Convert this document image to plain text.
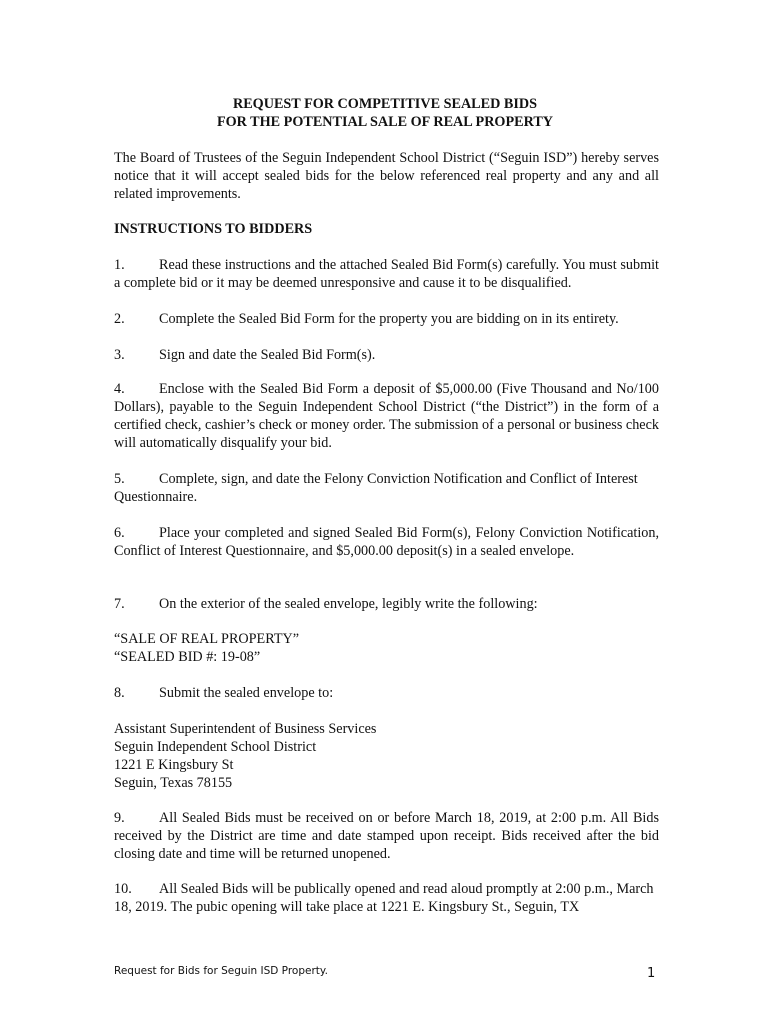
REQUEST FOR COMPETITIVE SEALED BIDS
FOR THE POTENTIAL SALE OF REAL PROPERTY
The Board of Trustees of the Seguin Independent School District (“Seguin ISD”) hereby serves notice that it will accept sealed bids for the below referenced real property and any and all related improvements.
INSTRUCTIONS TO BIDDERS
1. Read these instructions and the attached Sealed Bid Form(s) carefully. You must submit a complete bid or it may be deemed unresponsive and cause it to be disqualified.
2. Complete the Sealed Bid Form for the property you are bidding on in its entirety.
3. Sign and date the Sealed Bid Form(s).
4. Enclose with the Sealed Bid Form a deposit of $5,000.00 (Five Thousand and No/100 Dollars), payable to the Seguin Independent School District (“the District”) in the form of a certified check, cashier’s check or money order. The submission of a personal or business check will automatically disqualify your bid.
5. Complete, sign, and date the Felony Conviction Notification and Conflict of Interest Questionnaire.
6. Place your completed and signed Sealed Bid Form(s), Felony Conviction Notification, Conflict of Interest Questionnaire, and $5,000.00 deposit(s) in a sealed envelope.
7. On the exterior of the sealed envelope, legibly write the following:
“SALE OF REAL PROPERTY”
“SEALED BID #: 19-08”
8. Submit the sealed envelope to:
Assistant Superintendent of Business Services
Seguin Independent School District
1221 E Kingsbury St
Seguin, Texas 78155
9. All Sealed Bids must be received on or before March 18, 2019, at 2:00 p.m. All Bids received by the District are time and date stamped upon receipt. Bids received after the bid closing date and time will be returned unopened.
10. All Sealed Bids will be publically opened and read aloud promptly at 2:00 p.m., March 18, 2019. The pubic opening will take place at 1221 E. Kingsbury St., Seguin, TX
Request for Bids for Seguin ISD Property.	1
